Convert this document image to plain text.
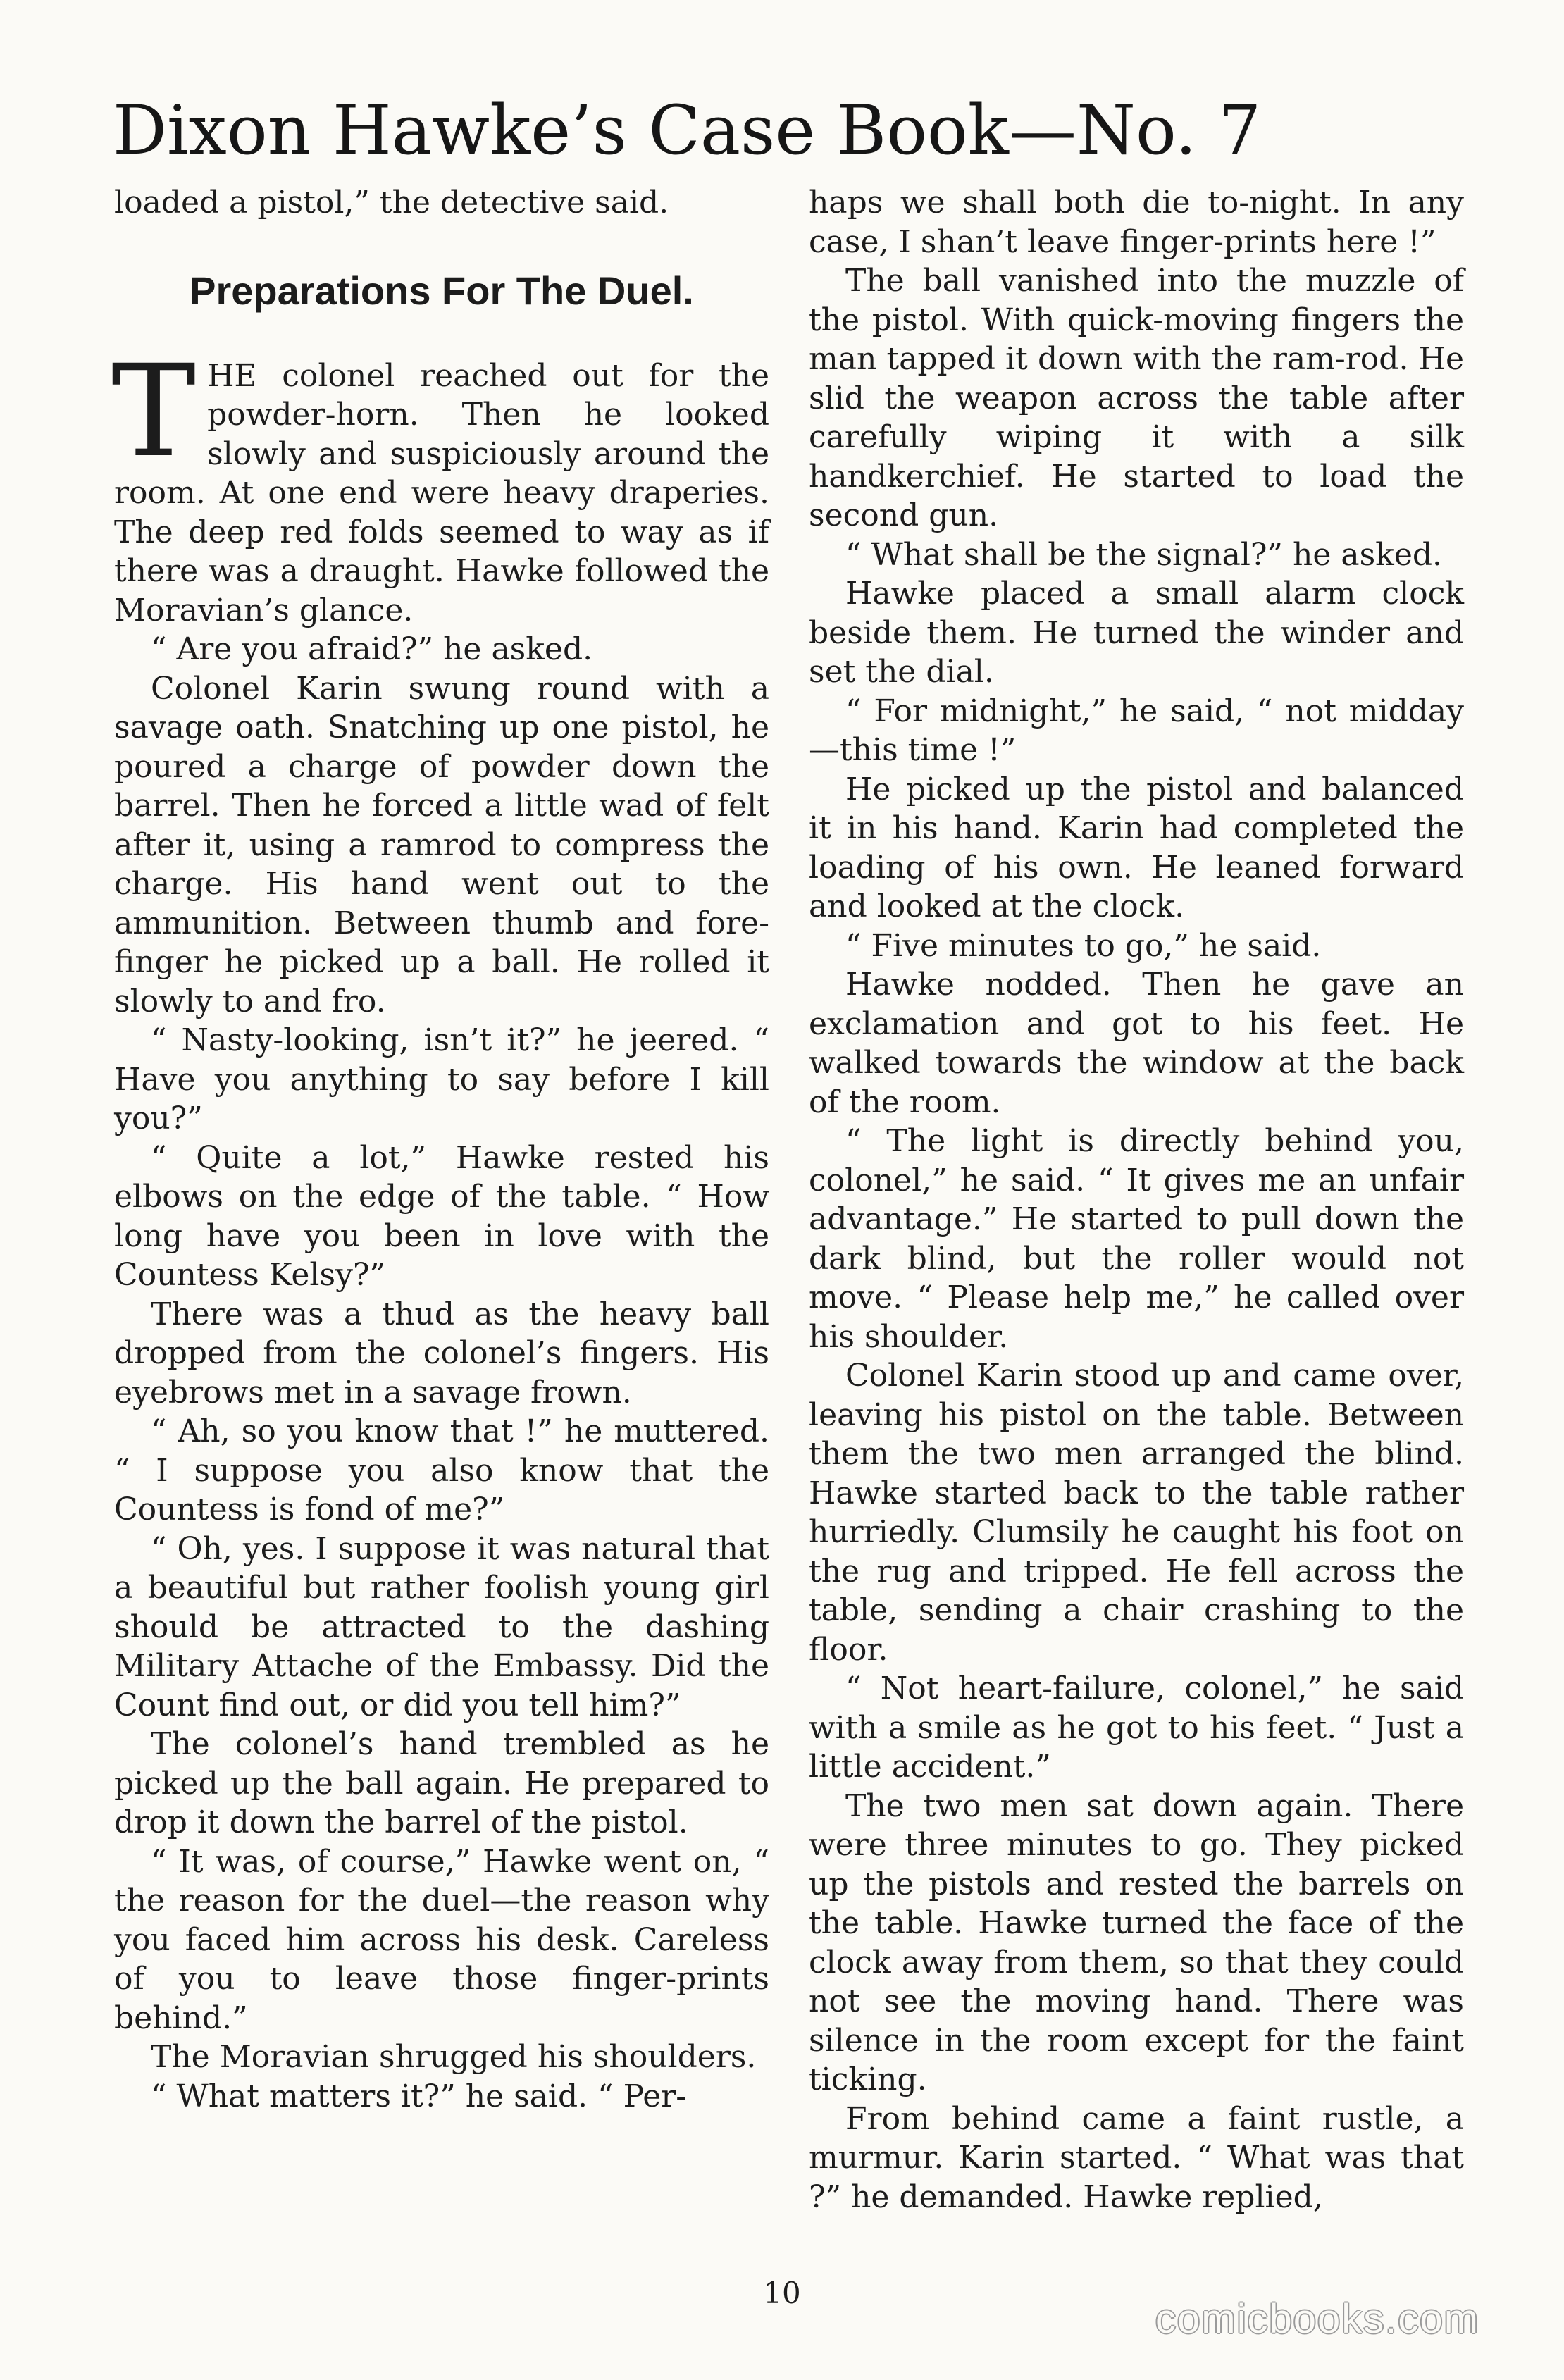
Dixon Hawke’s Case Book—No. 7

loaded a pistol,” the detective said.

Preparations For The Duel.

THE colonel reached out for the powder-horn. Then he looked slowly and suspiciously around the room. At one end were heavy draperies. The deep red folds seemed to way as if there was a draught. Hawke followed the Moravian’s glance.

“ Are you afraid?” he asked.

Colonel Karin swung round with a savage oath. Snatching up one pistol, he poured a charge of powder down the barrel. Then he forced a little wad of felt after it, using a ramrod to compress the charge. His hand went out to the ammunition. Between thumb and fore-finger he picked up a ball. He rolled it slowly to and fro.

“ Nasty-looking, isn’t it?” he jeered. “ Have you anything to say before I kill you?”

“ Quite a lot,” Hawke rested his elbows on the edge of the table. “ How long have you been in love with the Countess Kelsy?”

There was a thud as the heavy ball dropped from the colonel’s fingers. His eyebrows met in a savage frown.

“ Ah, so you know that !” he muttered. “ I suppose you also know that the Countess is fond of me?”

“ Oh, yes. I suppose it was natural that a beautiful but rather foolish young girl should be attracted to the dashing Military Attache of the Embassy. Did the Count find out, or did you tell him?”

The colonel’s hand trembled as he picked up the ball again. He prepared to drop it down the barrel of the pistol.

“ It was, of course,” Hawke went on, “ the reason for the duel—the reason why you faced him across his desk. Careless of you to leave those finger-prints behind.”

The Moravian shrugged his shoulders.

“ What matters it?” he said. “ Per-

haps we shall both die to-night. In any case, I shan’t leave finger-prints here !”

The ball vanished into the muzzle of the pistol. With quick-moving fingers the man tapped it down with the ram-rod. He slid the weapon across the table after carefully wiping it with a silk handkerchief. He started to load the second gun.

“ What shall be the signal?” he asked.

Hawke placed a small alarm clock beside them. He turned the winder and set the dial.

“ For midnight,” he said, “ not midday—this time !”

He picked up the pistol and balanced it in his hand. Karin had completed the loading of his own. He leaned forward and looked at the clock.

“ Five minutes to go,” he said.

Hawke nodded. Then he gave an exclamation and got to his feet. He walked towards the window at the back of the room.

“ The light is directly behind you, colonel,” he said. “ It gives me an unfair advantage.” He started to pull down the dark blind, but the roller would not move. “ Please help me,” he called over his shoulder.

Colonel Karin stood up and came over, leaving his pistol on the table. Between them the two men arranged the blind. Hawke started back to the table rather hurriedly. Clumsily he caught his foot on the rug and tripped. He fell across the table, sending a chair crashing to the floor.

“ Not heart-failure, colonel,” he said with a smile as he got to his feet. “ Just a little accident.”

The two men sat down again. There were three minutes to go. They picked up the pistols and rested the barrels on the table. Hawke turned the face of the clock away from them, so that they could not see the moving hand. There was silence in the room except for the faint ticking.

From behind came a faint rustle, a murmur. Karin started. “ What was that ?” he demanded. Hawke replied,

10
comicbooks.com
